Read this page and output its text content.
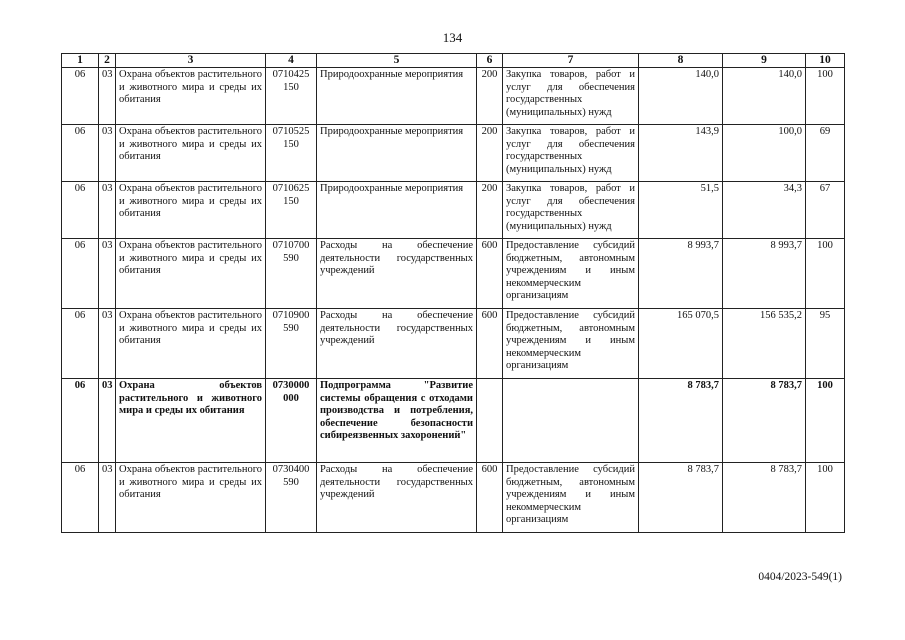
134
1	2	3	4	5	6	7	8	9	10
06	03	Охрана объектов растительного и животного мира и среды их обитания	0710425 150	Природоохранные мероприятия	200	Закупка товаров, работ и услуг для обеспечения государственных (муниципальных) нужд	140,0	140,0	100
06	03	Охрана объектов растительного и животного мира и среды их обитания	0710525 150	Природоохранные мероприятия	200	Закупка товаров, работ и услуг для обеспечения государственных (муниципальных) нужд	143,9	100,0	69
06	03	Охрана объектов растительного и животного мира и среды их обитания	0710625 150	Природоохранные мероприятия	200	Закупка товаров, работ и услуг для обеспечения государственных (муниципальных) нужд	51,5	34,3	67
06	03	Охрана объектов растительного и животного мира и среды их обитания	0710700 590	Расходы на обеспечение деятельности государственных учреждений	600	Предоставление субсидий бюджетным, автономным учреждениям и иным некоммерческим организациям	8 993,7	8 993,7	100
06	03	Охрана объектов растительного и животного мира и среды их обитания	0710900 590	Расходы на обеспечение деятельности государственных учреждений	600	Предоставление субсидий бюджетным, автономным учреждениям и иным некоммерческим организациям	165 070,5	156 535,2	95
06	03	Охрана объектов растительного и животного мира и среды их обитания	0730000 000	Подпрограмма "Развитие системы обращения с отходами производства и потребления, обеспечение безопасности сибиреязвенных захоронений"			8 783,7	8 783,7	100
06	03	Охрана объектов растительного и животного мира и среды их обитания	0730400 590	Расходы на обеспечение деятельности государственных учреждений	600	Предоставление субсидий бюджетным, автономным учреждениям и иным некоммерческим организациям	8 783,7	8 783,7	100
0404/2023-549(1)
